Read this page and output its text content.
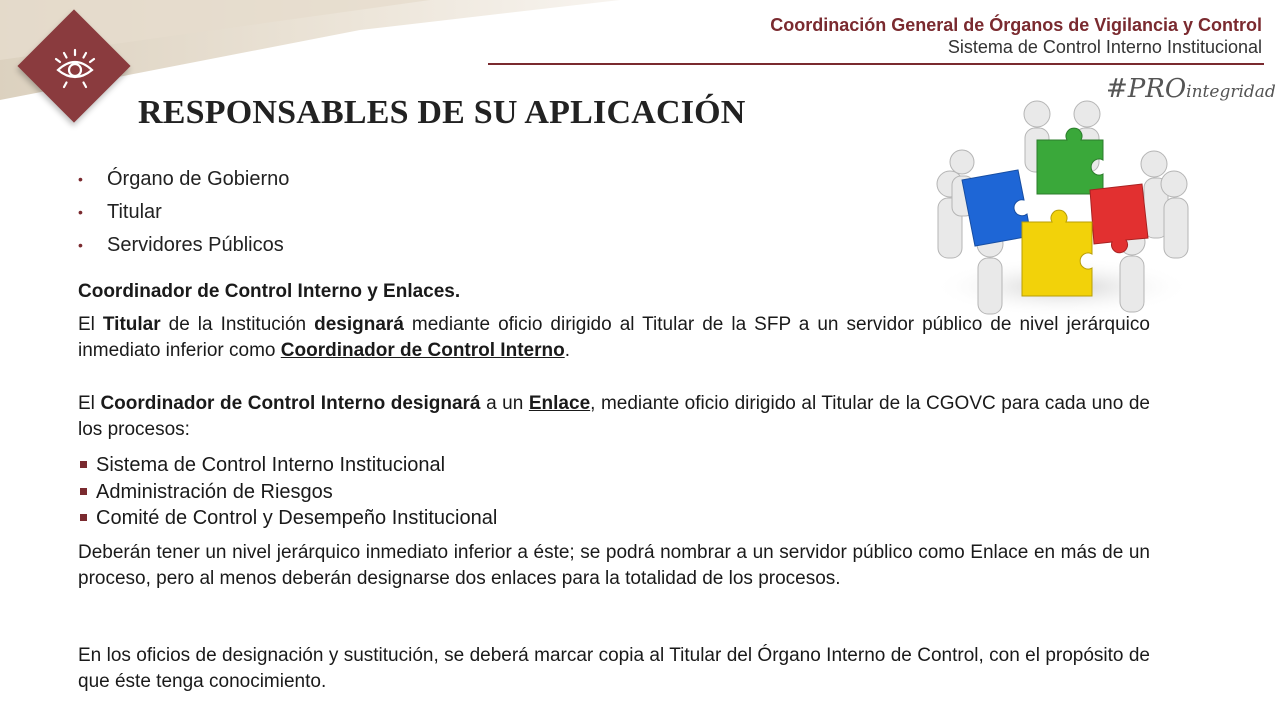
Coordinación General de Órganos de Vigilancia y Control
Sistema de Control Interno Institucional
#PROintegridad
RESPONSABLES DE SU APLICACIÓN
• Órgano de Gobierno
• Titular
• Servidores Públicos
Coordinador de Control Interno y Enlaces.

El Titular de la Institución designará mediante oficio dirigido al Titular de la SFP a un servidor público de nivel jerárquico inmediato inferior como Coordinador de Control Interno.

El Coordinador de Control Interno designará a un Enlace, mediante oficio dirigido al Titular de la CGOVC para cada uno de los procesos:

Sistema de Control Interno Institucional
Administración de Riesgos
Comité de Control y Desempeño Institucional

Deberán tener un nivel jerárquico inmediato inferior a éste; se podrá nombrar a un servidor público como Enlace en más de un proceso, pero al menos deberán designarse dos enlaces para la totalidad de los procesos.

En los oficios de designación y sustitución, se deberá marcar copia al Titular del Órgano Interno de Control, con el propósito de que éste tenga conocimiento.
